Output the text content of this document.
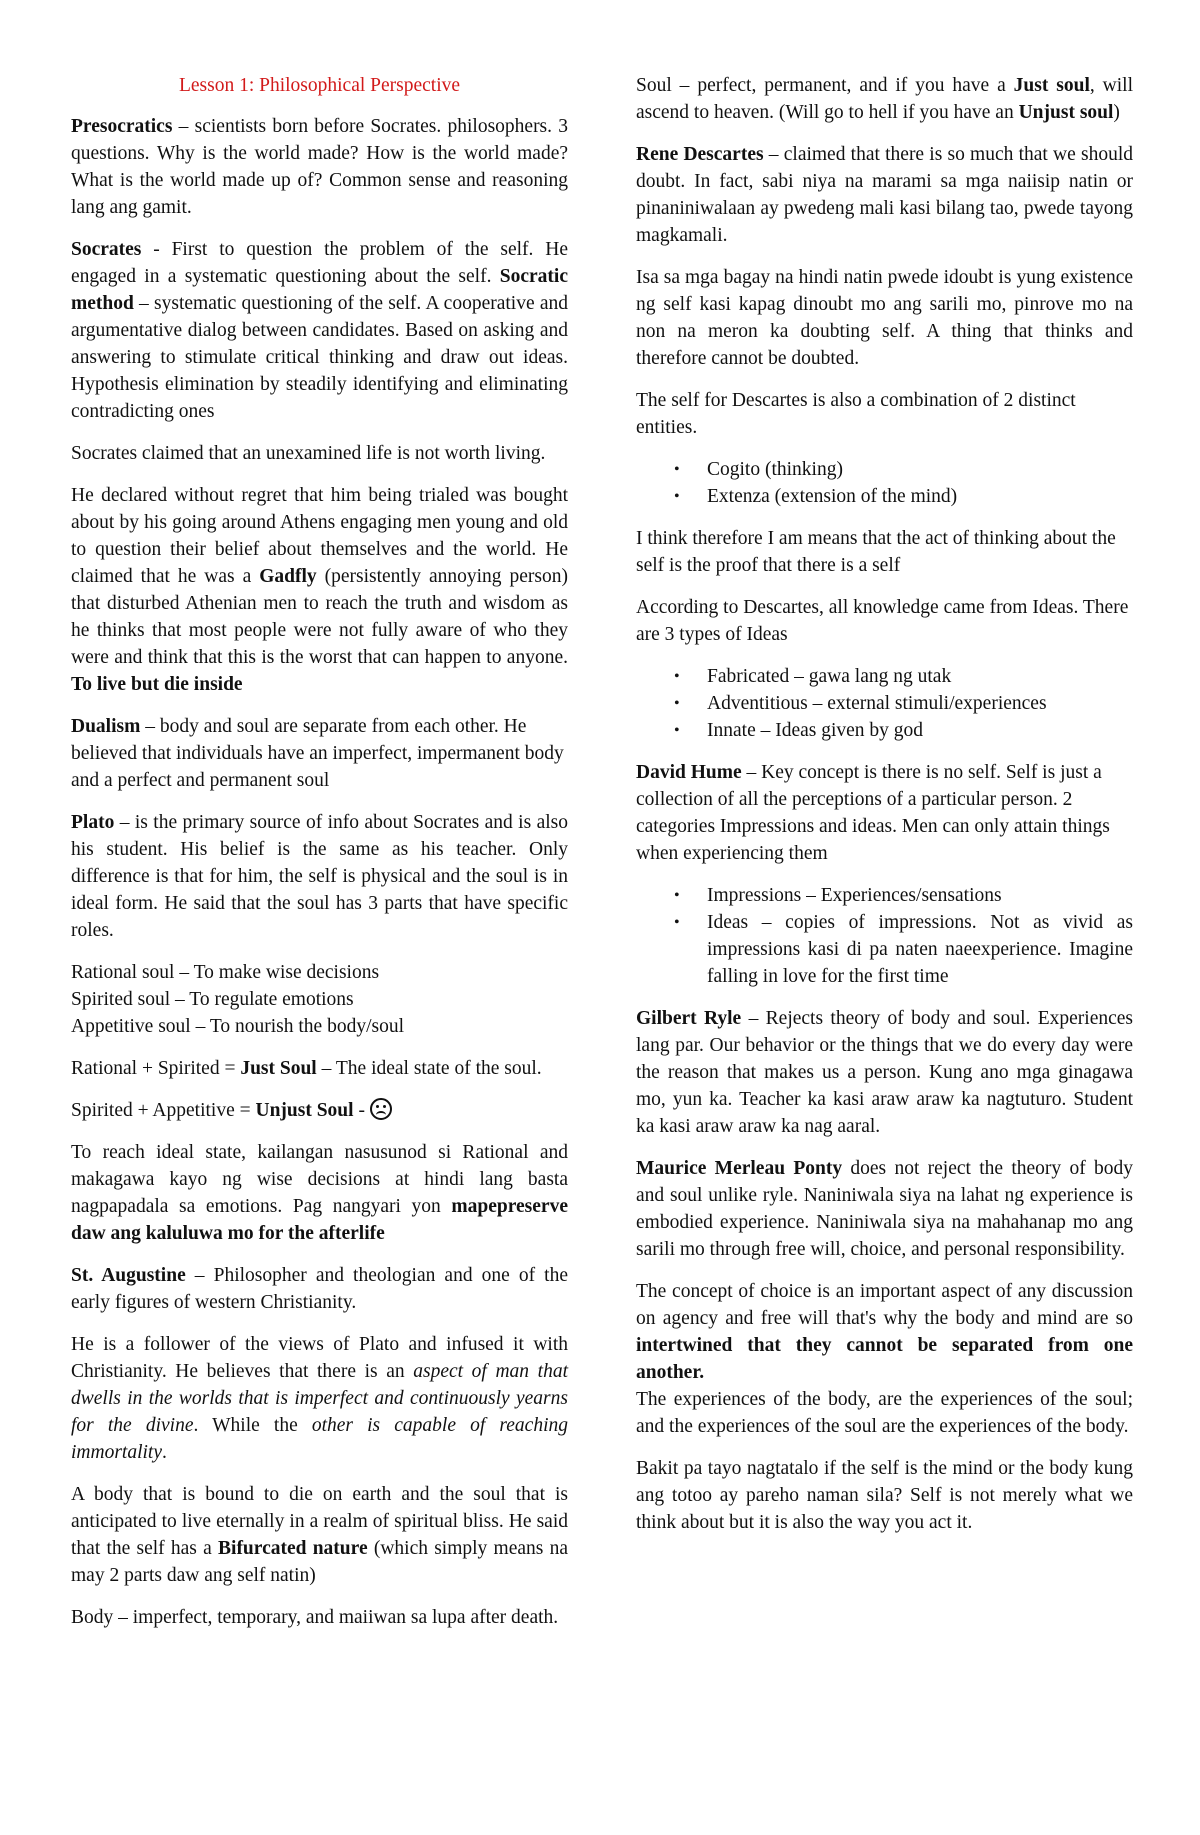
Lesson 1: Philosophical Perspective

Presocratics – scientists born before Socrates. philosophers. 3 questions. Why is the world made? How is the world made? What is the world made up of? Common sense and reasoning lang ang gamit.

Socrates - First to question the problem of the self. He engaged in a systematic questioning about the self. Socratic method – systematic questioning of the self. A cooperative and argumentative dialog between candidates. Based on asking and answering to stimulate critical thinking and draw out ideas. Hypothesis elimination by steadily identifying and eliminating contradicting ones

Socrates claimed that an unexamined life is not worth living.

He declared without regret that him being trialed was bought about by his going around Athens engaging men young and old to question their belief about themselves and the world. He claimed that he was a Gadfly (persistently annoying person) that disturbed Athenian men to reach the truth and wisdom as he thinks that most people were not fully aware of who they were and think that this is the worst that can happen to anyone. To live but die inside

Dualism – body and soul are separate from each other. He believed that individuals have an imperfect, impermanent body and a perfect and permanent soul

Plato – is the primary source of info about Socrates and is also his student. His belief is the same as his teacher. Only difference is that for him, the self is physical and the soul is in ideal form. He said that the soul has 3 parts that have specific roles.

Rational soul – To make wise decisions

Spirited soul – To regulate emotions

Appetitive soul – To nourish the body/soul

Rational + Spirited = Just Soul – The ideal state of the soul.

Spirited + Appetitive = Unjust Soul -

To reach ideal state, kailangan nasusunod si Rational and makagawa kayo ng wise decisions at hindi lang basta nagpapadala sa emotions. Pag nangyari yon mapepreserve daw ang kaluluwa mo for the afterlife

St. Augustine – Philosopher and theologian and one of the early figures of western Christianity.

He is a follower of the views of Plato and infused it with Christianity. He believes that there is an aspect of man that dwells in the worlds that is imperfect and continuously yearns for the divine. While the other is capable of reaching immortality.

A body that is bound to die on earth and the soul that is anticipated to live eternally in a realm of spiritual bliss. He said that the self has a Bifurcated nature (which simply means na may 2 parts daw ang self natin)

Body – imperfect, temporary, and maiiwan sa lupa after death.

Soul – perfect, permanent, and if you have a Just soul, will ascend to heaven. (Will go to hell if you have an Unjust soul)

Rene Descartes – claimed that there is so much that we should doubt. In fact, sabi niya na marami sa mga naiisip natin or pinaniniwalaan ay pwedeng mali kasi bilang tao, pwede tayong magkamali.

Isa sa mga bagay na hindi natin pwede idoubt is yung existence ng self kasi kapag dinoubt mo ang sarili mo, pinrove mo na non na meron ka doubting self. A thing that thinks and therefore cannot be doubted.

The self for Descartes is also a combination of 2 distinct entities.

• Cogito (thinking)
• Extenza (extension of the mind)

I think therefore I am means that the act of thinking about the self is the proof that there is a self

According to Descartes, all knowledge came from Ideas. There are 3 types of Ideas

• Fabricated – gawa lang ng utak
• Adventitious – external stimuli/experiences
• Innate – Ideas given by god

David Hume – Key concept is there is no self. Self is just a collection of all the perceptions of a particular person. 2 categories Impressions and ideas. Men can only attain things when experiencing them

• Impressions – Experiences/sensations
• Ideas – copies of impressions. Not as vivid as impressions kasi di pa naten naeexperience. Imagine falling in love for the first time

Gilbert Ryle – Rejects theory of body and soul. Experiences lang par. Our behavior or the things that we do every day were the reason that makes us a person. Kung ano mga ginagawa mo, yun ka. Teacher ka kasi araw araw ka nagtuturo. Student ka kasi araw araw ka nag aaral.

Maurice Merleau Ponty does not reject the theory of body and soul unlike ryle. Naniniwala siya na lahat ng experience is embodied experience. Naniniwala siya na mahahanap mo ang sarili mo through free will, choice, and personal responsibility.

The concept of choice is an important aspect of any discussion on agency and free will that's why the body and mind are so intertwined that they cannot be separated from one another.
The experiences of the body, are the experiences of the soul; and the experiences of the soul are the experiences of the body.

Bakit pa tayo nagtatalo if the self is the mind or the body kung ang totoo ay pareho naman sila? Self is not merely what we think about but it is also the way you act it.
